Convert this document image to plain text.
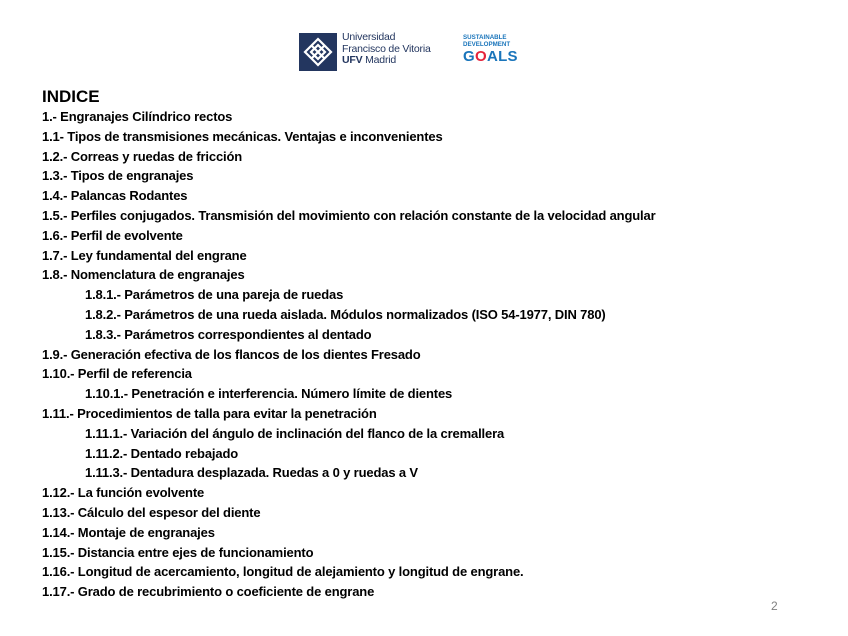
Universidad
Francisco de Vitoria
UFV Madrid
SUSTAINABLE
DEVELOPMENT
GOALS
INDICE
1.- Engranajes Cilíndrico rectos
1.1- Tipos de transmisiones mecánicas. Ventajas e inconvenientes
1.2.- Correas y ruedas de fricción
1.3.- Tipos de engranajes
1.4.- Palancas Rodantes
1.5.- Perfiles conjugados. Transmisión del movimiento con relación constante de la velocidad angular
1.6.- Perfil de evolvente
1.7.- Ley fundamental del engrane
1.8.- Nomenclatura de engranajes
1.8.1.- Parámetros de una pareja de ruedas
1.8.2.- Parámetros de una rueda aislada. Módulos normalizados (ISO 54-1977, DIN 780)
1.8.3.- Parámetros correspondientes al dentado
1.9.- Generación efectiva de los flancos de los dientes Fresado
1.10.- Perfil de referencia
1.10.1.- Penetración e interferencia. Número límite de dientes
1.11.- Procedimientos de talla para evitar la penetración
1.11.1.- Variación del ángulo de inclinación del flanco de la cremallera
1.11.2.- Dentado rebajado
1.11.3.- Dentadura desplazada. Ruedas a 0 y ruedas a V
1.12.- La función evolvente
1.13.- Cálculo del espesor del diente
1.14.- Montaje de engranajes
1.15.- Distancia entre ejes de funcionamiento
1.16.- Longitud de acercamiento, longitud de alejamiento y longitud de engrane.
1.17.- Grado de recubrimiento o coeficiente de engrane
2
